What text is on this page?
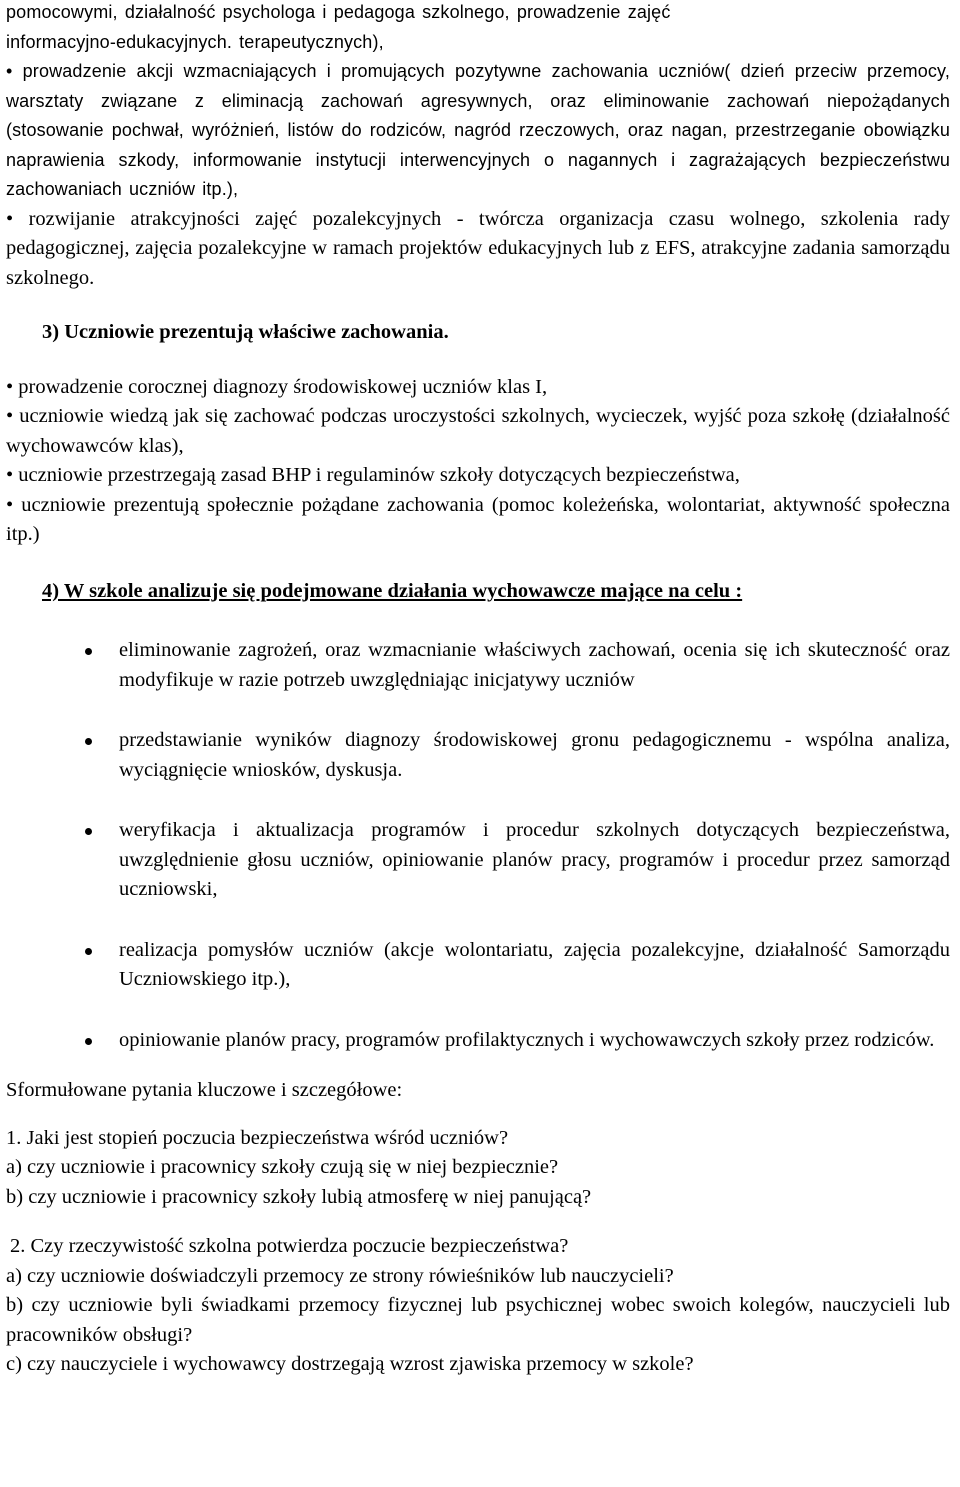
pomocowymi, działalność psychologa i pedagoga szkolnego, prowadzenie zajęć

informacyjno-edukacyjnych. terapeutycznych),

• prowadzenie akcji wzmacniających i promujących pozytywne zachowania uczniów( dzień przeciw przemocy, warsztaty związane z eliminacją zachowań agresywnych, oraz eliminowanie zachowań niepożądanych (stosowanie pochwał, wyróżnień, listów do rodziców, nagród rzeczowych, oraz nagan, przestrzeganie obowiązku naprawienia szkody, informowanie instytucji interwencyjnych o nagannych i zagrażających bezpieczeństwu zachowaniach uczniów itp.),

• rozwijanie atrakcyjności zajęć pozalekcyjnych - twórcza organizacja czasu wolnego, szkolenia rady pedagogicznej, zajęcia pozalekcyjne w ramach projektów edukacyjnych lub z EFS, atrakcyjne zadania samorządu szkolnego.

3) Uczniowie prezentują właściwe zachowania.

• prowadzenie corocznej diagnozy środowiskowej uczniów klas I,

• uczniowie wiedzą jak się zachować podczas uroczystości szkolnych, wycieczek, wyjść poza szkołę (działalność wychowawców klas),

• uczniowie przestrzegają zasad BHP i regulaminów szkoły dotyczących bezpieczeństwa,

• uczniowie prezentują społecznie pożądane zachowania (pomoc koleżeńska, wolontariat, aktywność społeczna itp.)

4) W szkole analizuje się podejmowane działania wychowawcze mające na celu :

eliminowanie zagrożeń, oraz wzmacnianie właściwych zachowań, ocenia się ich skuteczność oraz modyfikuje w razie potrzeb uwzględniając inicjatywy uczniów
przedstawianie wyników diagnozy środowiskowej gronu pedagogicznemu - wspólna analiza, wyciągnięcie wniosków, dyskusja.
weryfikacja i aktualizacja programów i procedur szkolnych dotyczących bezpieczeństwa, uwzględnienie głosu uczniów, opiniowanie planów pracy, programów i procedur przez samorząd uczniowski,
realizacja pomysłów uczniów (akcje wolontariatu, zajęcia pozalekcyjne, działalność Samorządu Uczniowskiego itp.),
opiniowanie planów pracy, programów profilaktycznych i wychowawczych szkoły przez rodziców.

Sformułowane pytania kluczowe i szczegółowe:

1. Jaki jest stopień poczucia bezpieczeństwa wśród uczniów?

a) czy uczniowie i pracownicy szkoły czują się w niej bezpiecznie?

b) czy uczniowie i pracownicy szkoły lubią atmosferę w niej panującą?

2. Czy rzeczywistość szkolna potwierdza poczucie bezpieczeństwa?

a) czy uczniowie doświadczyli przemocy ze strony rówieśników lub nauczycieli?

b) czy uczniowie byli świadkami przemocy fizycznej lub psychicznej wobec swoich kolegów, nauczycieli lub pracowników obsługi?

c) czy nauczyciele i wychowawcy dostrzegają wzrost zjawiska przemocy w szkole?
